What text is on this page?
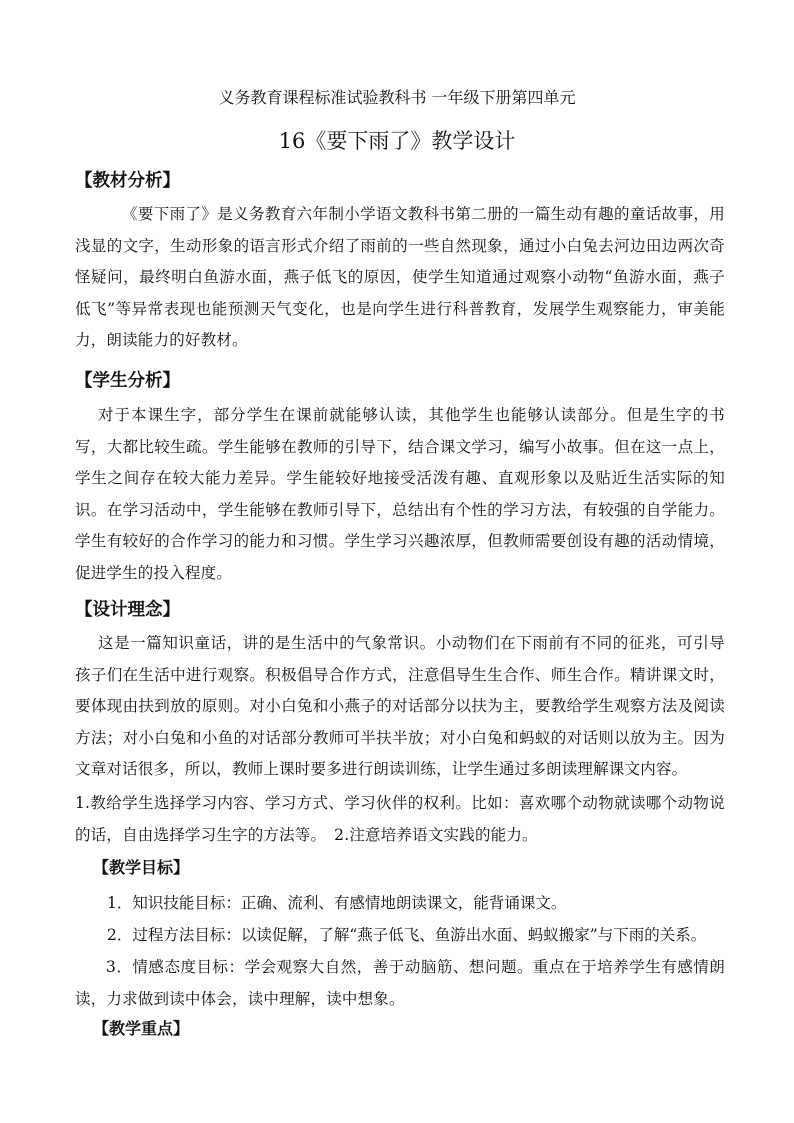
义务教育课程标准试验教科书 一年级下册第四单元
16《要下雨了》教学设计
【教材分析】

《要下雨了》是义务教育六年制小学语文教科书第二册的一篇生动有趣的童话故事，用浅显的文字，生动形象的语言形式介绍了雨前的一些自然现象，通过小白兔去河边田边两次奇怪疑问，最终明白鱼游水面，燕子低飞的原因，使学生知道通过观察小动物“鱼游水面，燕子低飞”等异常表现也能预测天气变化，也是向学生进行科普教育，发展学生观察能力，审美能力，朗读能力的好教材。

【学生分析】

对于本课生字，部分学生在课前就能够认读，其他学生也能够认读部分。但是生字的书写，大都比较生疏。学生能够在教师的引导下，结合课文学习，编写小故事。但在这一点上，学生之间存在较大能力差异。学生能较好地接受活泼有趣、直观形象以及贴近生活实际的知识。在学习活动中，学生能够在教师引导下，总结出有个性的学习方法，有较强的自学能力。学生有较好的合作学习的能力和习惯。学生学习兴趣浓厚，但教师需要创设有趣的活动情境，促进学生的投入程度。

【设计理念】

这是一篇知识童话，讲的是生活中的气象常识。小动物们在下雨前有不同的征兆，可引导孩子们在生活中进行观察。积极倡导合作方式，注意倡导生生合作、师生合作。精讲课文时，要体现由扶到放的原则。对小白兔和小燕子的对话部分以扶为主，要教给学生观察方法及阅读方法；对小白兔和小鱼的对话部分教师可半扶半放；对小白兔和蚂蚁的对话则以放为主。因为文章对话很多，所以，教师上课时要多进行朗读训练，让学生通过多朗读理解课文内容。

1.教给学生选择学习内容、学习方式、学习伙伴的权利。比如：喜欢哪个动物就读哪个动物说的话，自由选择学习生字的方法等。　2.注意培养语文实践的能力。

【教学目标】
1．知识技能目标：正确、流利、有感情地朗读课文，能背诵课文。
2．过程方法目标：以读促解，了解“燕子低飞、鱼游出水面、蚂蚁搬家”与下雨的关系。

3．情感态度目标：学会观察大自然，善于动脑筋、想问题。重点在于培养学生有感情朗读，力求做到读中体会，读中理解，读中想象。

【教学重点】
